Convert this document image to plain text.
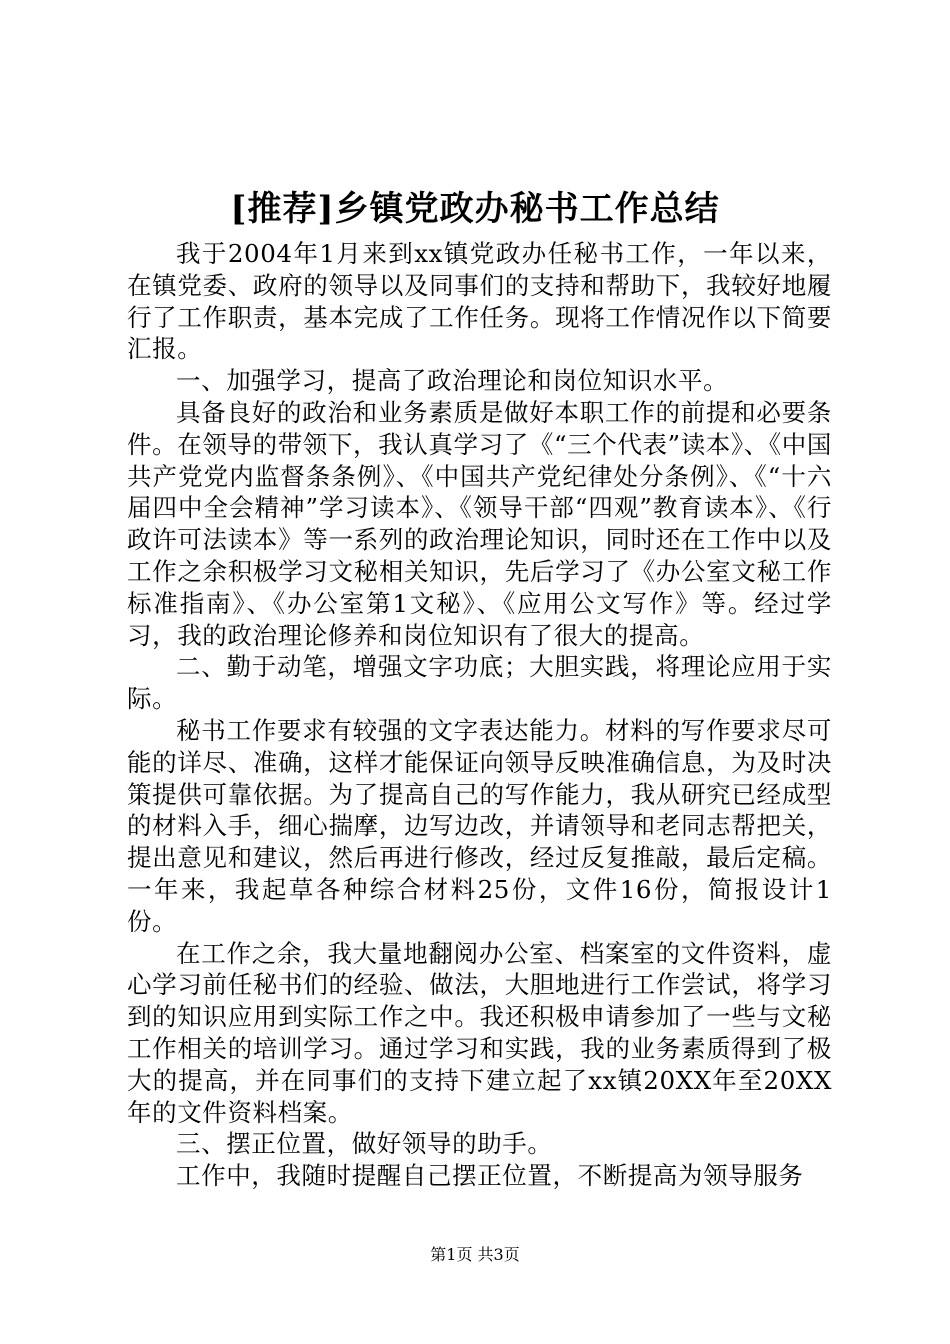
[推荐]乡镇党政办秘书工作总结

我于2004年1月来到xx镇党政办任秘书工作，一年以来，在镇党委、政府的领导以及同事们的支持和帮助下，我较好地履行了工作职责，基本完成了工作任务。现将工作情况作以下简要汇报。

一、加强学习，提高了政治理论和岗位知识水平。

具备良好的政治和业务素质是做好本职工作的前提和必要条件。在领导的带领下，我认真学习了《“三个代表”读本》、《中国共产党党内监督条条例》、《中国共产党纪律处分条例》、《“十六届四中全会精神”学习读本》、《领导干部“四观”教育读本》、《行政许可法读本》等一系列的政治理论知识，同时还在工作中以及工作之余积极学习文秘相关知识，先后学习了《办公室文秘工作标准指南》、《办公室第1文秘》、《应用公文写作》等。经过学习，我的政治理论修养和岗位知识有了很大的提高。

二、勤于动笔，增强文字功底；大胆实践，将理论应用于实际。

秘书工作要求有较强的文字表达能力。材料的写作要求尽可能的详尽、准确，这样才能保证向领导反映准确信息，为及时决策提供可靠依据。为了提高自己的写作能力，我从研究已经成型的材料入手，细心揣摩，边写边改，并请领导和老同志帮把关，提出意见和建议，然后再进行修改，经过反复推敲，最后定稿。一年来，我起草各种综合材料25份，文件16份，简报设计1份。

在工作之余，我大量地翻阅办公室、档案室的文件资料，虚心学习前任秘书们的经验、做法，大胆地进行工作尝试，将学习到的知识应用到实际工作之中。我还积极申请参加了一些与文秘工作相关的培训学习。通过学习和实践，我的业务素质得到了极大的提高，并在同事们的支持下建立起了xx镇20XX年至20XX年的文件资料档案。

三、摆正位置，做好领导的助手。

工作中，我随时提醒自己摆正位置，不断提高为领导服务

第1页 共3页
